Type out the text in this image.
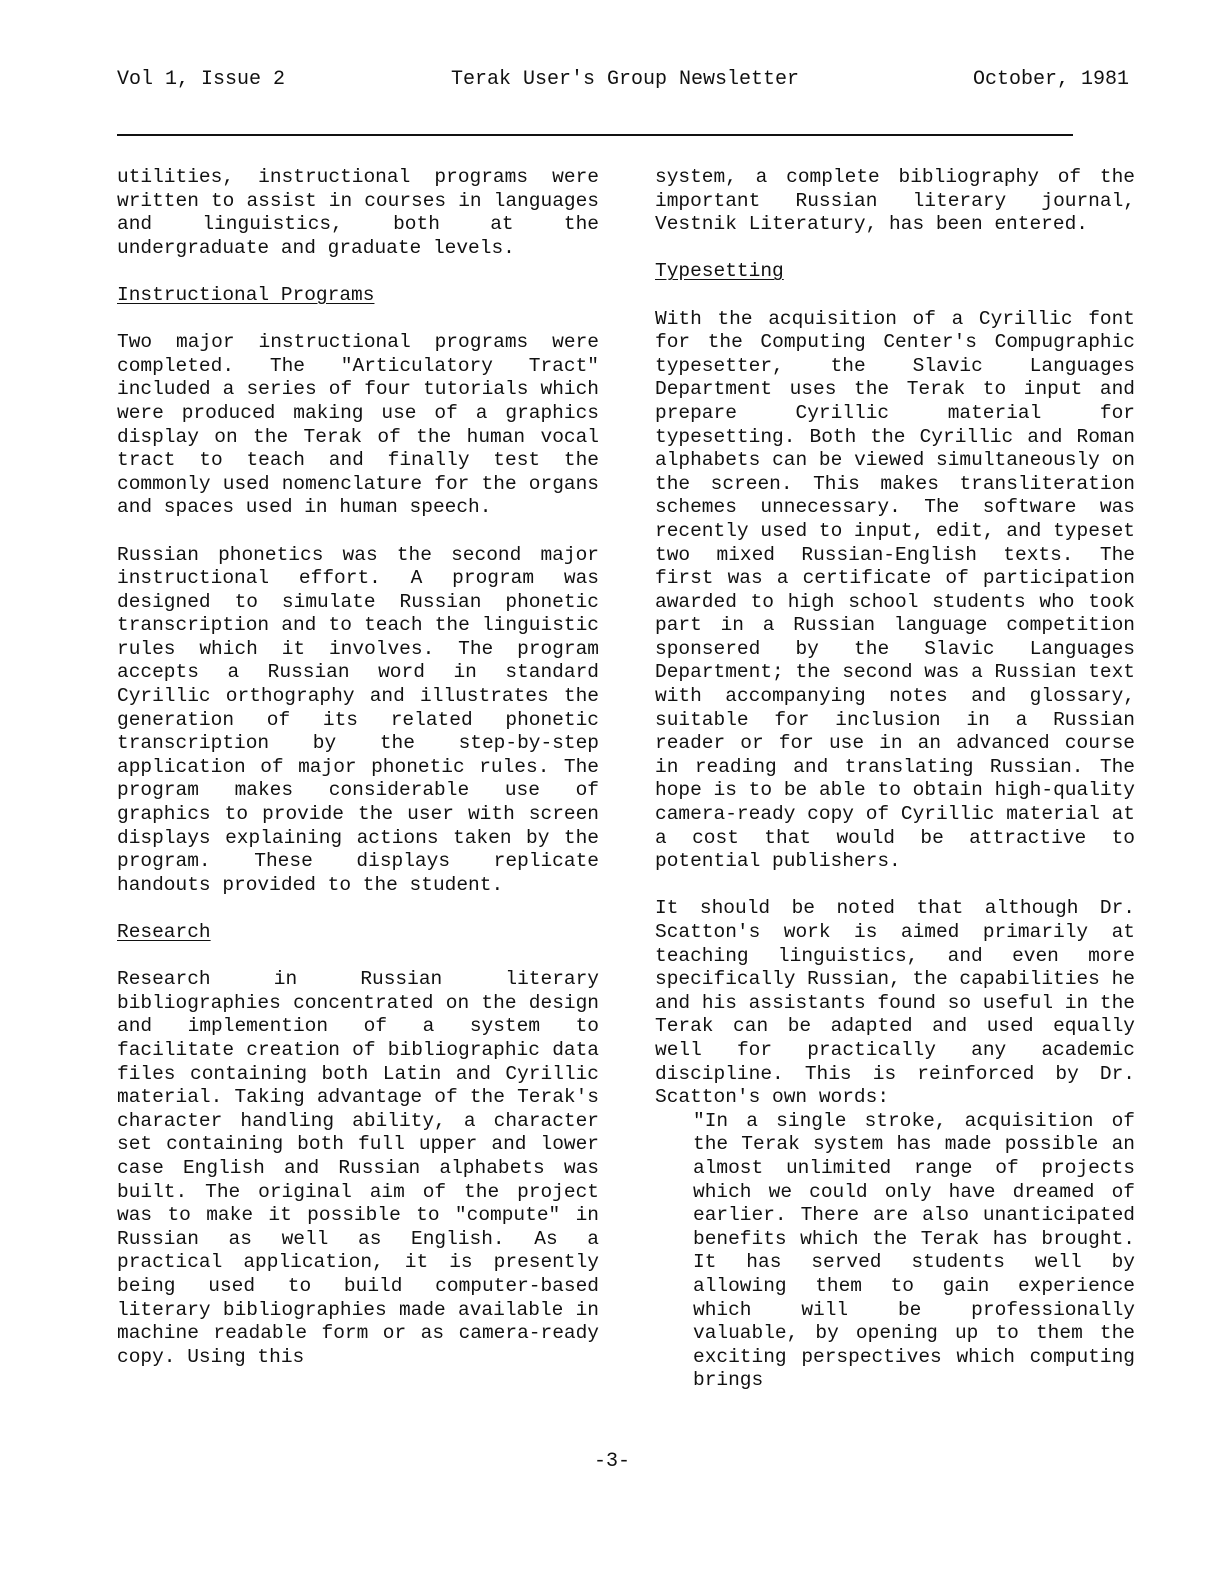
Vol 1, Issue 2	Terak User's Group Newsletter	October, 1981

utilities, instructional programs were written to assist in courses in languages and linguistics, both at the undergraduate and graduate levels.

Instructional Programs

Two major instructional programs were completed. The "Articulatory Tract" included a series of four tutorials which were produced making use of a graphics display on the Terak of the human vocal tract to teach and finally test the commonly used nomenclature for the organs and spaces used in human speech.

Russian phonetics was the second major instructional effort. A program was designed to simulate Russian phonetic transcription and to teach the linguistic rules which it involves. The program accepts a Russian word in standard Cyrillic orthography and illustrates the generation of its related phonetic transcription by the step-by-step application of major phonetic rules. The program makes considerable use of graphics to provide the user with screen displays explaining actions taken by the program. These displays replicate handouts provided to the student.

Research

Research in Russian literary bibliographies concentrated on the design and implemention of a system to facilitate creation of bibliographic data files containing both Latin and Cyrillic material. Taking advantage of the Terak's character handling ability, a character set containing both full upper and lower case English and Russian alphabets was built. The original aim of the project was to make it possible to "compute" in Russian as well as English. As a practical application, it is presently being used to build computer-based literary bibliographies made available in machine readable form or as camera-ready copy. Using this

system, a complete bibliography of the important Russian literary journal, Vestnik Literatury, has been entered.

Typesetting

With the acquisition of a Cyrillic font for the Computing Center's Compugraphic typesetter, the Slavic Languages Department uses the Terak to input and prepare Cyrillic material for typesetting. Both the Cyrillic and Roman alphabets can be viewed simultaneously on the screen. This makes transliteration schemes unnecessary. The software was recently used to input, edit, and typeset two mixed Russian-English texts. The first was a certificate of participation awarded to high school students who took part in a Russian language competition sponsered by the Slavic Languages Department; the second was a Russian text with accompanying notes and glossary, suitable for inclusion in a Russian reader or for use in an advanced course in reading and translating Russian. The hope is to be able to obtain high-quality camera-ready copy of Cyrillic material at a cost that would be attractive to potential publishers.

It should be noted that although Dr. Scatton's work is aimed primarily at teaching linguistics, and even more specifically Russian, the capabilities he and his assistants found so useful in the Terak can be adapted and used equally well for practically any academic discipline. This is reinforced by Dr. Scatton's own words:

"In a single stroke, acquisition of the Terak system has made possible an almost unlimited range of projects which we could only have dreamed of earlier. There are also unanticipated benefits which the Terak has brought. It has served students well by allowing them to gain experience which will be professionally valuable, by opening up to them the exciting perspectives which computing brings

-3-
